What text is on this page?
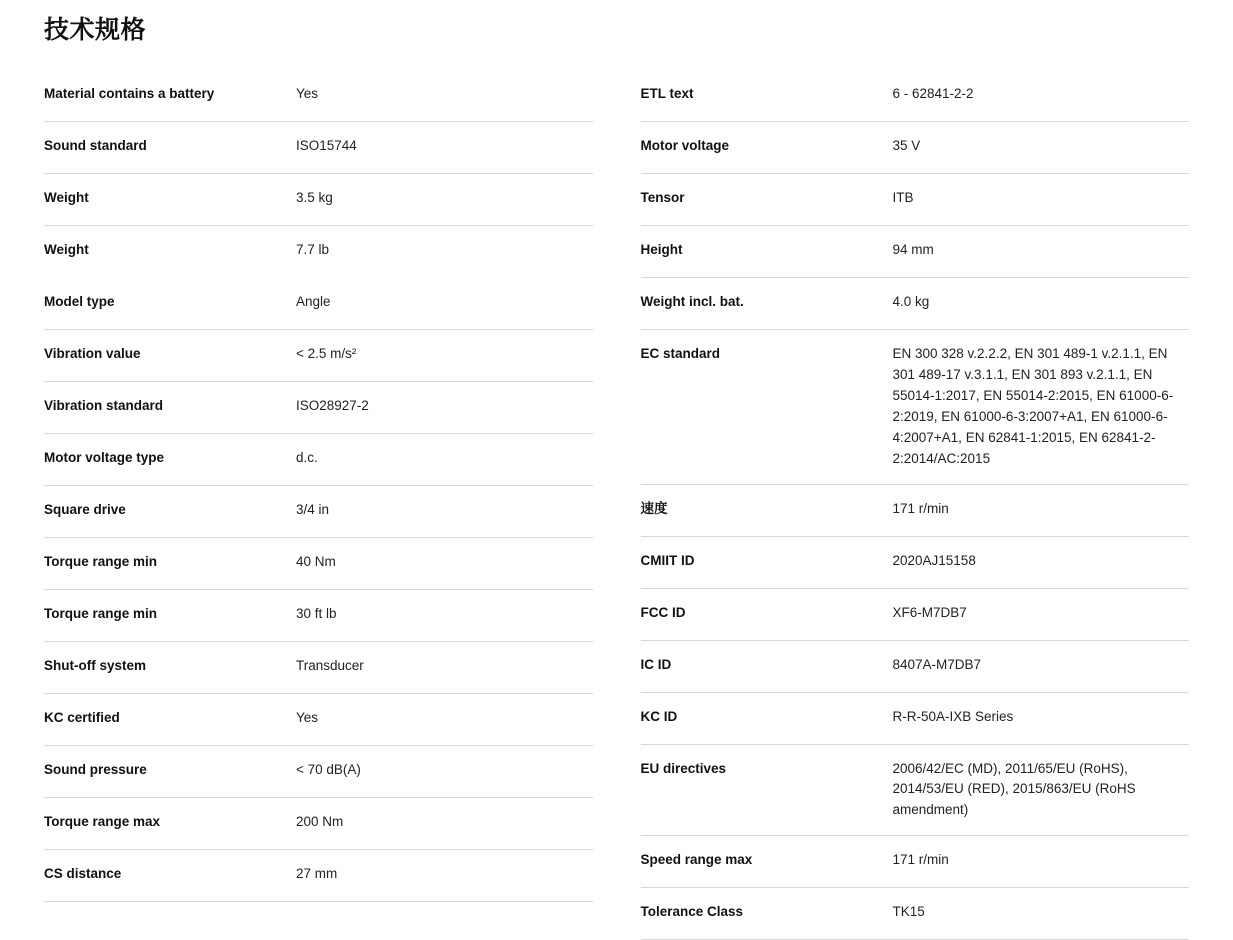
技术规格
Material contains a battery	Yes
Sound standard	ISO15744
Weight	3.5 kg
Weight	7.7 lb
Model type	Angle
Vibration value	< 2.5 m/s²
Vibration standard	ISO28927-2
Motor voltage type	d.c.
Square drive	3/4 in
Torque range min	40 Nm
Torque range min	30 ft lb
Shut-off system	Transducer
KC certified	Yes
Sound pressure	< 70 dB(A)
Torque range max	200 Nm
CS distance	27 mm
ETL text	6 - 62841-2-2
Motor voltage	35 V
Tensor	ITB
Height	94 mm
Weight incl. bat.	4.0 kg
EC standard	EN 300 328 v.2.2.2, EN 301 489-1 v.2.1.1, EN 301 489-17 v.3.1.1, EN 301 893 v.2.1.1, EN 55014-1:2017, EN 55014-2:2015, EN 61000-6-2:2019, EN 61000-6-3:2007+A1, EN 61000-6-4:2007+A1, EN 62841-1:2015, EN 62841-2-2:2014/AC:2015
速度	171 r/min
CMIIT ID	2020AJ15158
FCC ID	XF6-M7DB7
IC ID	8407A-M7DB7
KC ID	R-R-50A-IXB Series
EU directives	2006/42/EC (MD), 2011/65/EU (RoHS), 2014/53/EU (RED), 2015/863/EU (RoHS amendment)
Speed range max	171 r/min
Tolerance Class	TK15
